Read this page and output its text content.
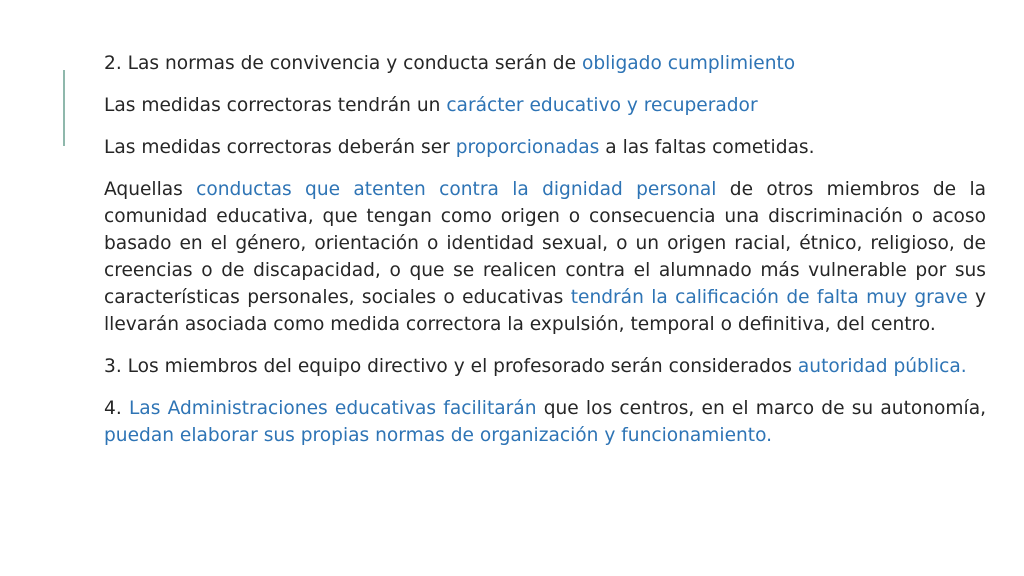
2. Las normas de convivencia y conducta serán de obligado cumplimiento

Las medidas correctoras tendrán un carácter educativo y recuperador

Las medidas correctoras deberán ser proporcionadas a las faltas cometidas.

Aquellas conductas que atenten contra la dignidad personal de otros miembros de la comunidad educativa, que tengan como origen o consecuencia una discriminación o acoso basado en el género, orientación o identidad sexual, o un origen racial, étnico, religioso, de creencias o de discapacidad, o que se realicen contra el alumnado más vulnerable por sus características personales, sociales o educativas tendrán la calificación de falta muy grave y llevarán asociada como medida correctora la expulsión, temporal o definitiva, del centro.

3. Los miembros del equipo directivo y el profesorado serán considerados autoridad pública.

4. Las Administraciones educativas facilitarán que los centros, en el marco de su autonomía, puedan elaborar sus propias normas de organización y funcionamiento.
